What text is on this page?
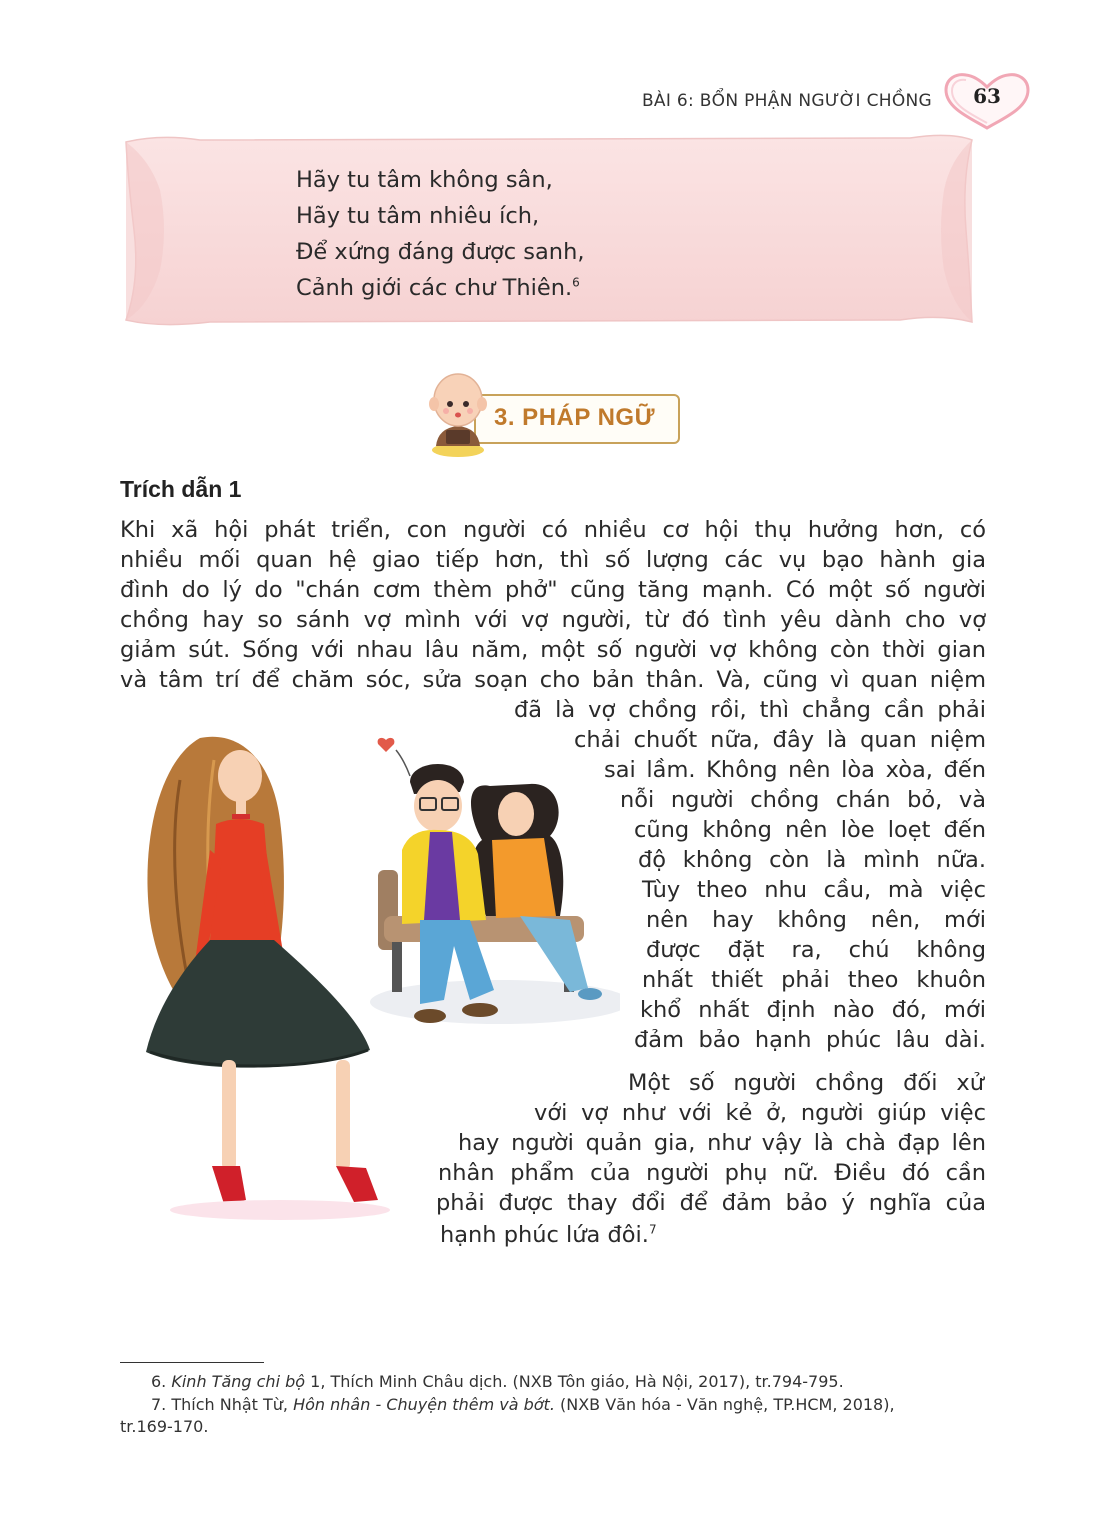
BÀI 6: BỔN PHẬN NGƯỜI CHỒNG	63
Hãy tu tâm không sân,
Hãy tu tâm nhiêu ích,
Để xứng đáng được sanh,
Cảnh giới các chư Thiên.$^6$
3. PHÁP NGỮ
Trích dẫn 1
Khi xã hội phát triển, con người có nhiều cơ hội thụ hưởng hơn, có
nhiều mối quan hệ giao tiếp hơn, thì số lượng các vụ bạo hành gia
đình do lý do "chán cơm thèm phở" cũng tăng mạnh. Có một số người
chồng hay so sánh vợ mình với vợ người, từ đó tình yêu dành cho vợ
giảm sút. Sống với nhau lâu năm, một số người vợ không còn thời gian
và tâm trí để chăm sóc, sửa soạn cho bản thân. Và, cũng vì quan niệm
đã là vợ chồng rồi, thì chẳng cần phải
chải chuốt nữa, đây là quan niệm
sai lầm. Không nên lòa xòa, đến
nỗi người chồng chán bỏ, và
cũng không nên lòe loẹt đến
độ không còn là mình nữa.
Tùy theo nhu cầu, mà việc
nên hay không nên, mới
được đặt ra, chú không
nhất thiết phải theo khuôn
khổ nhất định nào đó, mới
đảm bảo hạnh phúc lâu dài.
Một số người chồng đối xử
với vợ như với kẻ ở, người giúp việc
hay người quản gia, như vậy là chà đạp lên
nhân phẩm của người phụ nữ. Điều đó cần
phải được thay đổi để đảm bảo ý nghĩa của
hạnh phúc lứa đôi.$^7$
6. Kinh Tăng chi bộ 1, Thích Minh Châu dịch. (NXB Tôn giáo, Hà Nội, 2017), tr.794-795.
7. Thích Nhật Từ, Hôn nhân - Chuyện thêm và bớt. (NXB Văn hóa - Văn nghệ, TP.HCM, 2018),
tr.169-170.
